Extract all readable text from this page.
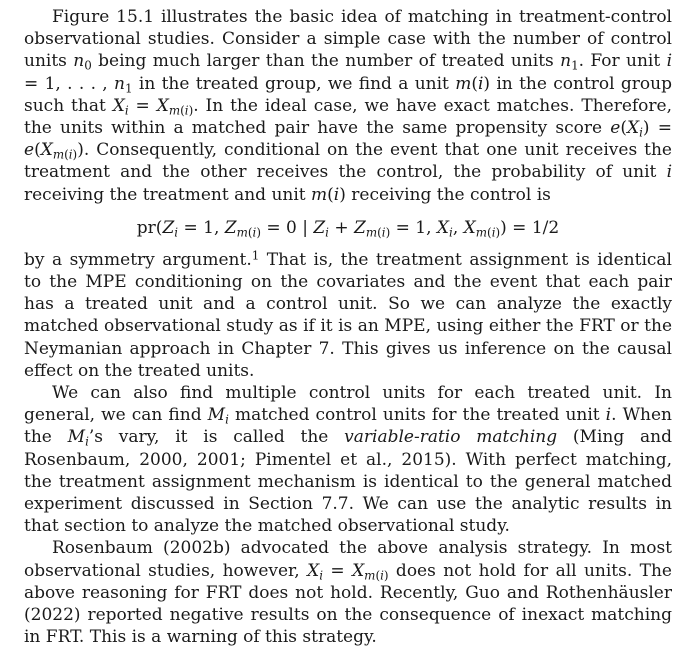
Figure 15.1 illustrates the basic idea of matching in treatment-control observational studies. Consider a simple case with the number of control units $n_0$ being much larger than the number of treated units $n_1$. For unit i = 1, . . . , $n_1$ in the treated group, we find a unit m(i) in the control group such that $X_i = X_{m(i)}$. In the ideal case, we have exact matches. Therefore, the units within a matched pair have the same propensity score $e(X_i) = e(X_{m(i)})$. Consequently, conditional on the event that one unit receives the treatment and the other receives the control, the probability of unit i receiving the treatment and unit m(i) receiving the control is

$pr(Z_i = 1$, $Z_{m(i)} = 0$ | $Z_i + Z_{m(i)} = 1$, $X_i$, $X_{m(i)}) = 1/2$

by a symmetry argument.$^1$ That is, the treatment assignment is identical to the MPE conditioning on the covariates and the event that each pair has a treated unit and a control unit. So we can analyze the exactly matched observational study as if it is an MPE, using either the FRT or the Neymanian approach in Chapter 7. This gives us inference on the causal effect on the treated units.

We can also find multiple control units for each treated unit. In general, we can find $M_i$ matched control units for the treated unit i. When the $M_i’s$ vary, it is called the variable-ratio matching (Ming and Rosenbaum, 2000, 2001; Pimentel et al., 2015). With perfect matching, the treatment assignment mechanism is identical to the general matched experiment discussed in Section 7.7. We can use the analytic results in that section to analyze the matched observational study.

Rosenbaum (2002b) advocated the above analysis strategy. In most observational studies, however, $X_i = X_{m(i)}$ does not hold for all units. The above reasoning for FRT does not hold. Recently, Guo and Rothenhäusler (2022) reported negative results on the consequence of inexact matching in FRT. This is a warning of this strategy.
